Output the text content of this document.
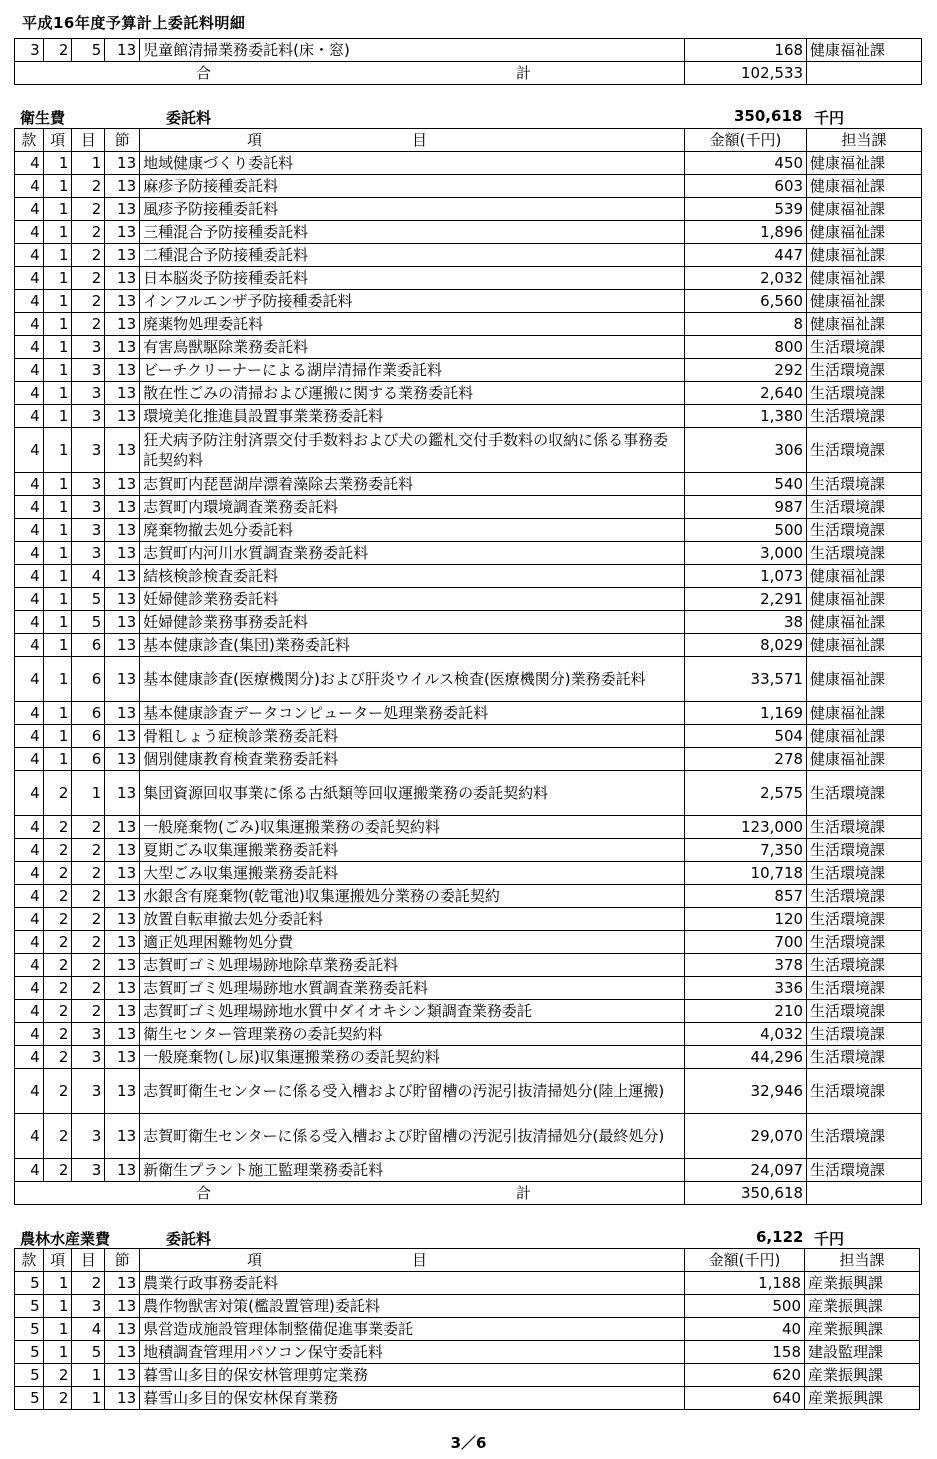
平成16年度予算計上委託料明細
3	2	5	13	児童館清掃業務委託料(床・窓)	168	健康福祉課

合 計					102,533	
衛生費	委託料	350,618 千円
款	項	目	節	項目	金額(千円)	担当課
4	1	1	13	地域健康づくり委託料	450	健康福祉課
4	1	2	13	麻疹予防接種委託料	603	健康福祉課
4	1	2	13	風疹予防接種委託料	539	健康福祉課
4	1	2	13	三種混合予防接種委託料	1,896	健康福祉課
4	1	2	13	二種混合予防接種委託料	447	健康福祉課
4	1	2	13	日本脳炎予防接種委託料	2,032	健康福祉課
4	1	2	13	インフルエンザ予防接種委託料	6,560	健康福祉課
4	1	2	13	廃薬物処理委託料	8	健康福祉課
4	1	3	13	有害鳥獣駆除業務委託料	800	生活環境課
4	1	3	13	ビーチクリーナーによる湖岸清掃作業委託料	292	生活環境課
4	1	3	13	散在性ごみの清掃および運搬に関する業務委託料	2,640	生活環境課
4	1	3	13	環境美化推進員設置事業業務委託料	1,380	生活環境課
4	1	3	13	狂犬病予防注射済票交付手数料および犬の鑑札交付手数料の収納に係る事務委託契約料	306	生活環境課
4	1	3	13	志賀町内琵琶湖岸漂着藻除去業務委託料	540	生活環境課
4	1	3	13	志賀町内環境調査業務委託料	987	生活環境課
4	1	3	13	廃棄物撤去処分委託料	500	生活環境課
4	1	3	13	志賀町内河川水質調査業務委託料	3,000	生活環境課
4	1	4	13	結核検診検査委託料	1,073	健康福祉課
4	1	5	13	妊婦健診業務委託料	2,291	健康福祉課
4	1	5	13	妊婦健診業務事務委託料	38	健康福祉課
4	1	6	13	基本健康診査(集団)業務委託料	8,029	健康福祉課
4	1	6	13	基本健康診査(医療機関分)および肝炎ウイルス検査(医療機関分)業務委託料	33,571	健康福祉課
4	1	6	13	基本健康診査データコンピューター処理業務委託料	1,169	健康福祉課
4	1	6	13	骨粗しょう症検診業務委託料	504	健康福祉課
4	1	6	13	個別健康教育検査業務委託料	278	健康福祉課
4	2	1	13	集団資源回収事業に係る古紙類等回収運搬業務の委託契約料	2,575	生活環境課
4	2	2	13	一般廃棄物(ごみ)収集運搬業務の委託契約料	123,000	生活環境課
4	2	2	13	夏期ごみ収集運搬業務委託料	7,350	生活環境課
4	2	2	13	大型ごみ収集運搬業務委託料	10,718	生活環境課
4	2	2	13	水銀含有廃棄物(乾電池)収集運搬処分業務の委託契約	857	生活環境課
4	2	2	13	放置自転車撤去処分委託料	120	生活環境課
4	2	2	13	適正処理困難物処分費	700	生活環境課
4	2	2	13	志賀町ゴミ処理場跡地除草業務委託料	378	生活環境課
4	2	2	13	志賀町ゴミ処理場跡地水質調査業務委託料	336	生活環境課
4	2	2	13	志賀町ゴミ処理場跡地水質中ダイオキシン類調査業務委託	210	生活環境課
4	2	3	13	衛生センター管理業務の委託契約料	4,032	生活環境課
4	2	3	13	一般廃棄物(し尿)収集運搬業務の委託契約料	44,296	生活環境課
4	2	3	13	志賀町衛生センターに係る受入槽および貯留槽の汚泥引抜清掃処分(陸上運搬)	32,946	生活環境課
4	2	3	13	志賀町衛生センターに係る受入槽および貯留槽の汚泥引抜清掃処分(最終処分)	29,070	生活環境課
4	2	3	13	新衛生プラント施工監理業務委託料	24,097	生活環境課

合 計					350,618	
農林水産業費	委託料	6,122 千円
款	項	目	節	項目	金額(千円)	担当課
5	1	2	13	農業行政事務委託料	1,188	産業振興課
5	1	3	13	農作物獣害対策(檻設置管理)委託料	500	産業振興課
5	1	4	13	県営造成施設管理体制整備促進事業委託	40	産業振興課
5	1	5	13	地積調査管理用パソコン保守委託料	158	建設監理課
5	2	1	13	暮雪山多目的保安林管理剪定業務	620	産業振興課
5	2	1	13	暮雪山多目的保安林保育業務	640	産業振興課
3／6
